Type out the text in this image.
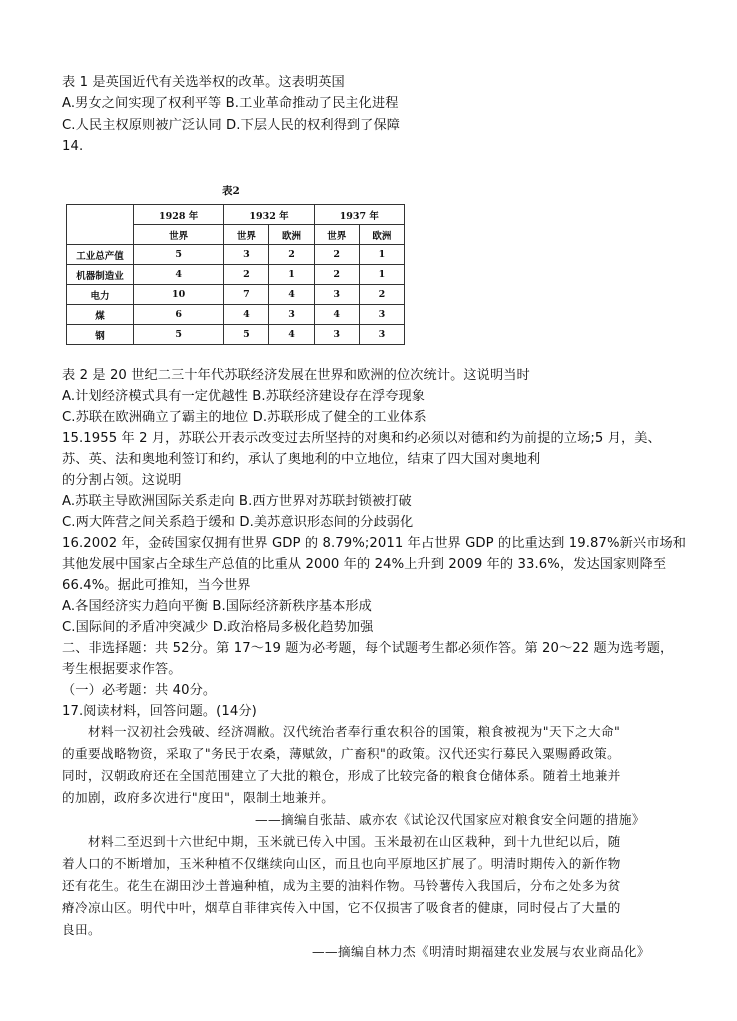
表 1 是英国近代有关选举权的改革。这表明英国
A.男女之间实现了权利平等 B.工业革命推动了民主化进程
C.人民主权原则被广泛认同 D.下层人民的权利得到了保障
14.
表2
	1928 年	1932 年		1937 年	
	世界	世界	欧洲	世界	欧洲
工业总产值	5	3	2	2	1
机器制造业	4	2	1	2	1
电力	10	7	4	3	2
煤	6	4	3	4	3
钢	5	5	4	3	3
表 2 是 20 世纪二三十年代苏联经济发展在世界和欧洲的位次统计。这说明当时
A.计划经济模式具有一定优越性 B.苏联经济建设存在浮夸现象
C.苏联在欧洲确立了霸主的地位 D.苏联形成了健全的工业体系
15.1955 年 2 月，苏联公开表示改变过去所坚持的对奥和约必须以对德和约为前提的立场;5 月，美、
苏、英、法和奥地利签订和约，承认了奥地利的中立地位，结束了四大国对奥地利
的分割占领。这说明
A.苏联主导欧洲国际关系走向 B.西方世界对苏联封锁被打破
C.两大阵营之间关系趋于缓和 D.美苏意识形态间的分歧弱化
16.2002 年，金砖国家仅拥有世界 GDP 的 8.79%;2011 年占世界 GDP 的比重达到 19.87%新兴市场和
其他发展中国家占全球生产总值的比重从 2000 年的 24%上升到 2009 年的 33.6%，发达国家则降至
66.4%。据此可推知，当今世界
A.各国经济实力趋向平衡 B.国际经济新秩序基本形成
C.国际间的矛盾冲突减少 D.政治格局多极化趋势加强
二、非选择题：共 52分。第 17～19 题为必考题，每个试题考生都必须作答。第 20～22 题为选考题，
考生根据要求作答。
（一）必考题：共 40分。
17.阅读材料，回答问题。(14分)
材料一汉初社会残破、经济凋敝。汉代统治者奉行重农积谷的国策，粮食被视为"天下之大命"
的重要战略物资，采取了"务民于农桑，薄赋敛，广畜积"的政策。汉代还实行募民入粟赐爵政策。
同时，汉朝政府还在全国范围建立了大批的粮仓，形成了比较完备的粮食仓储体系。随着土地兼并
的加剧，政府多次进行"度田"，限制土地兼并。
——摘编自张喆、戚亦农《试论汉代国家应对粮食安全问题的措施》
材料二至迟到十六世纪中期，玉米就已传入中国。玉米最初在山区栽种，到十九世纪以后，随
着人口的不断增加，玉米种植不仅继续向山区，而且也向平原地区扩展了。明清时期传入的新作物
还有花生。花生在湖田沙土普遍种植，成为主要的油料作物。马铃薯传入我国后，分布之处多为贫
瘠冷凉山区。明代中叶，烟草自菲律宾传入中国，它不仅损害了吸食者的健康，同时侵占了大量的
良田。
——摘编自林力杰《明清时期福建农业发展与农业商品化》
